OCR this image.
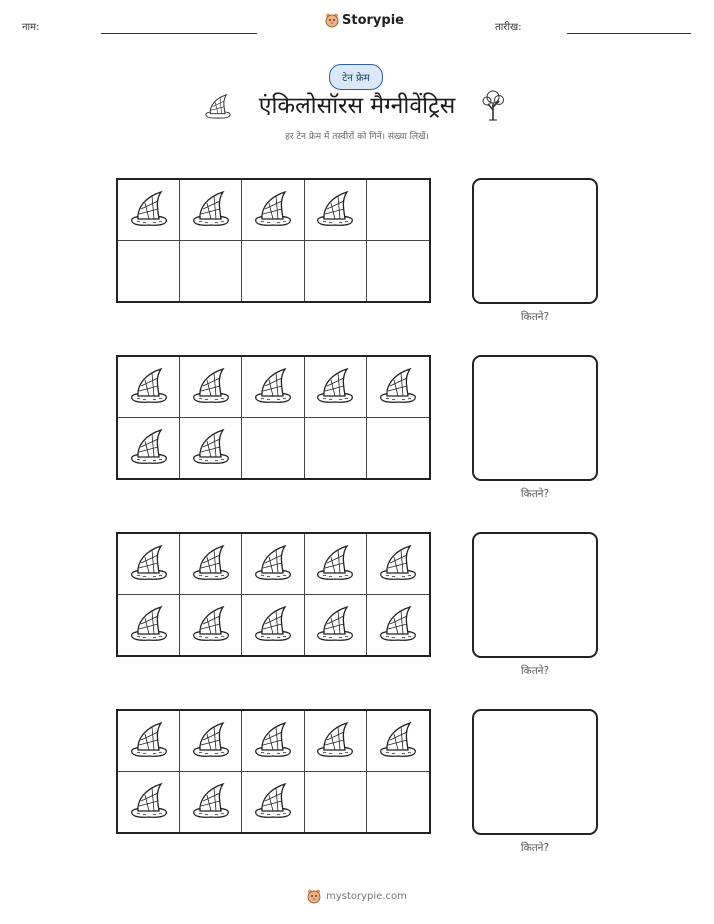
नाम:	Storypie	तारीख:
टेन फ्रेम
एंकिलोसॉरस मैग्नीवेंट्रिस
हर टेन फ्रेम में तस्वीरों को गिनें। संख्या लिखें।
कितने?
कितने?
कितने?
कितने?
mystorypie.com
